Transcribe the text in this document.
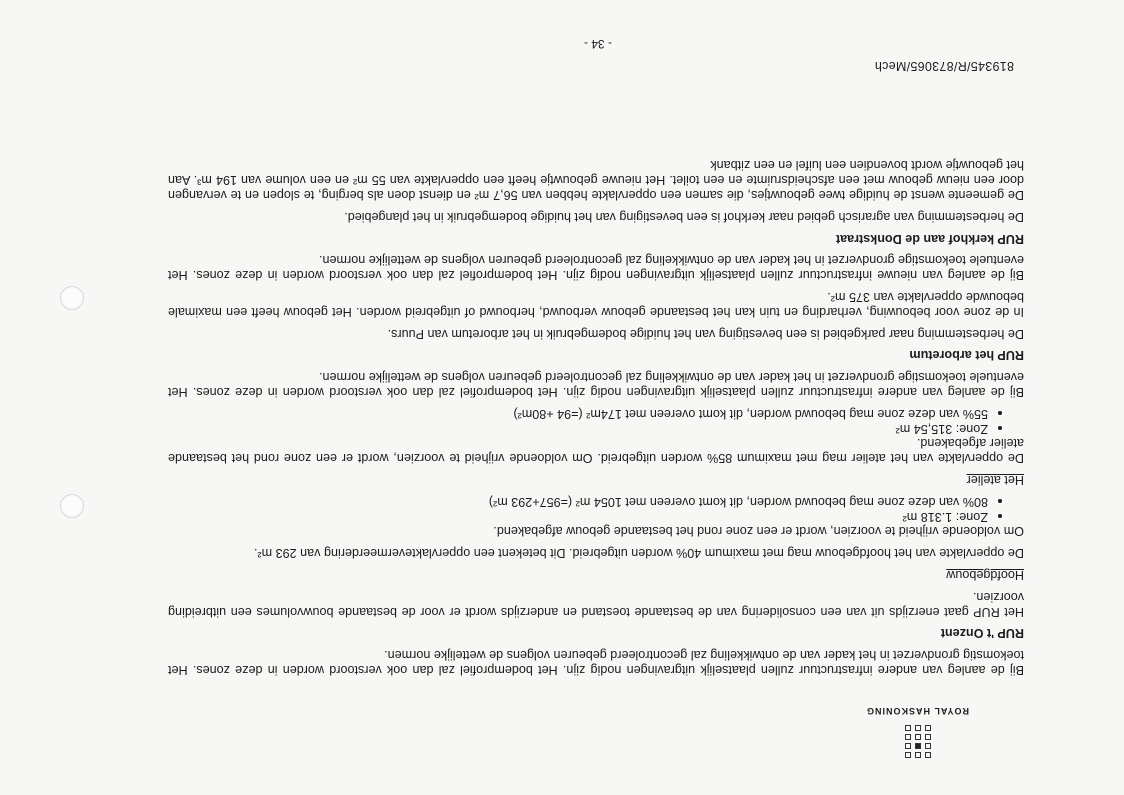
819345/R/873065/Mech
- 34 -
ROYAL HASKONING

Bij de aanleg van andere infrastructuur zullen plaatselijk uitgravingen nodig zijn. Het bodemprofiel zal dan ook verstoord worden in deze zones. Het toekomstig grondverzet in het kader van de ontwikkeling zal gecontroleerd gebeuren volgens de wettelijke normen.

RUP 't Onzent

Het RUP gaat enerzijds uit van een consolidering van de bestaande toestand en anderzijds wordt er voor de bestaande bouwvolumes een uitbreiding voorzien.

Hoofdgebouw

De oppervlakte van het hoofdgebouw mag met maximum 40% worden uitgebreid. Dit betekent een oppervlaktevermeerdering van 293 m².

Om voldoende vrijheid te voorzien, wordt er een zone rond het bestaande gebouw afgebakend.

• Zone: 1.318 m²
• 80% van deze zone mag bebouwd worden, dit komt overeen met 1054 m² (=957+293 m²)

Het atelier

De oppervlakte van het atelier mag met maximum 85% worden uitgebreid. Om voldoende vrijheid te voorzien, wordt er een zone rond het bestaande atelier afgebakend.

• Zone: 315,54 m²
• 55% van deze zone mag bebouwd worden, dit komt overeen met 174m² (=94 +80m²)

Bij de aanleg van andere infrastructuur zullen plaatselijk uitgravingen nodig zijn. Het bodemprofiel zal dan ook verstoord worden in deze zones. Het eventuele toekomstige grondverzet in het kader van de ontwikkeling zal gecontroleerd gebeuren volgens de wettelijke normen.

RUP het arboretum

De herbestemming naar parkgebied is een bevestiging van het huidige bodemgebruik in het arboretum van Puurs.

In de zone voor bebouwing, verharding en tuin kan het bestaande gebouw verbouwd, herbouwd of uitgebreid worden. Het gebouw heeft een maximale bebouwde oppervlakte van 375 m².

Bij de aanleg van nieuwe infrastructuur zullen plaatselijk uitgravingen nodig zijn. Het bodemprofiel zal dan ook verstoord worden in deze zones. Het eventuele toekomstige grondverzet in het kader van de ontwikkeling zal gecontroleerd gebeuren volgens de wettelijke normen.

RUP kerkhof aan de Donkstraat

De herbestemming van agrarisch gebied naar kerkhof is een bevestiging van het huidige bodemgebruik in het plangebied.

De gemeente wenst de huidige twee gebouwtjes, die samen een oppervlakte hebben van 56,7 m² en dienst doen als berging, te slopen en te vervangen door een nieuw gebouw met een afscheidsruimte en een toilet. Het nieuwe gebouwtje heeft een oppervlakte van 55 m² en een volume van 194 m³. Aan het gebouwtje wordt bovendien een luifel en een zitbank
